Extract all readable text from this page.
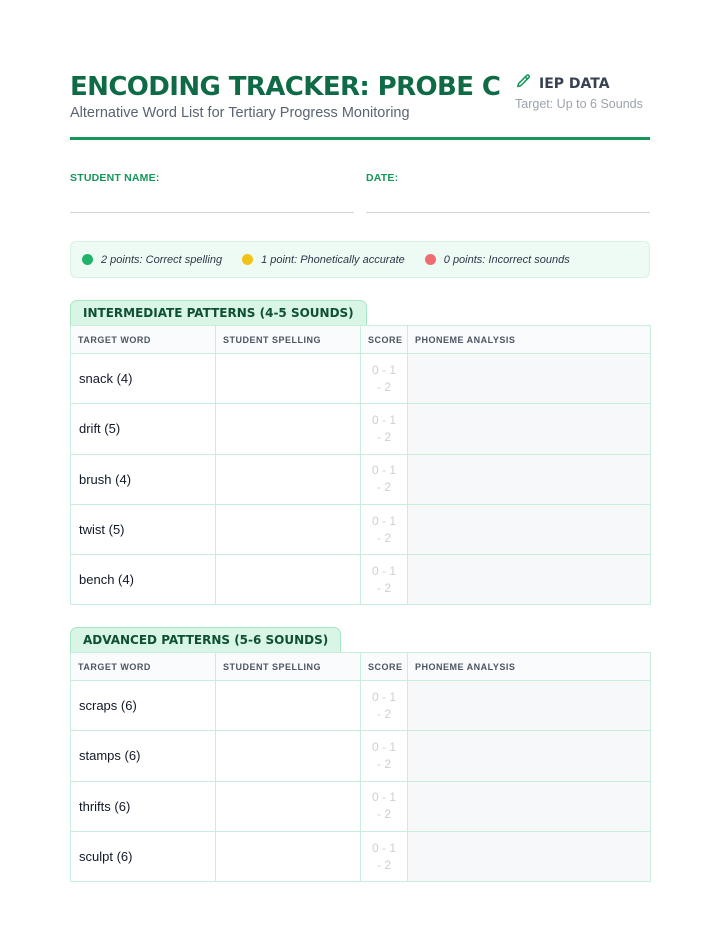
ENCODING TRACKER: PROBE C
Alternative Word List for Tertiary Progress Monitoring
IEP DATA
Target: Up to 6 Sounds
STUDENT NAME:	DATE:
2 points: Correct spelling	1 point: Phonetically accurate	0 points: Incorrect sounds
INTERMEDIATE PATTERNS (4-5 SOUNDS)
TARGET WORD	STUDENT SPELLING	SCORE	PHONEME ANALYSIS
snack (4)		0 - 1
- 2	

drift (5)		0 - 1
- 2	

brush (4)		0 - 1
- 2	

twist (5)		0 - 1
- 2	

bench (4)		0 - 1
- 2	

ADVANCED PATTERNS (5-6 SOUNDS)
TARGET WORD	STUDENT SPELLING	SCORE	PHONEME ANALYSIS
scraps (6)		0 - 1
- 2	

stamps (6)		0 - 1
- 2	

thrifts (6)		0 - 1
- 2	

sculpt (6)		0 - 1
- 2	
